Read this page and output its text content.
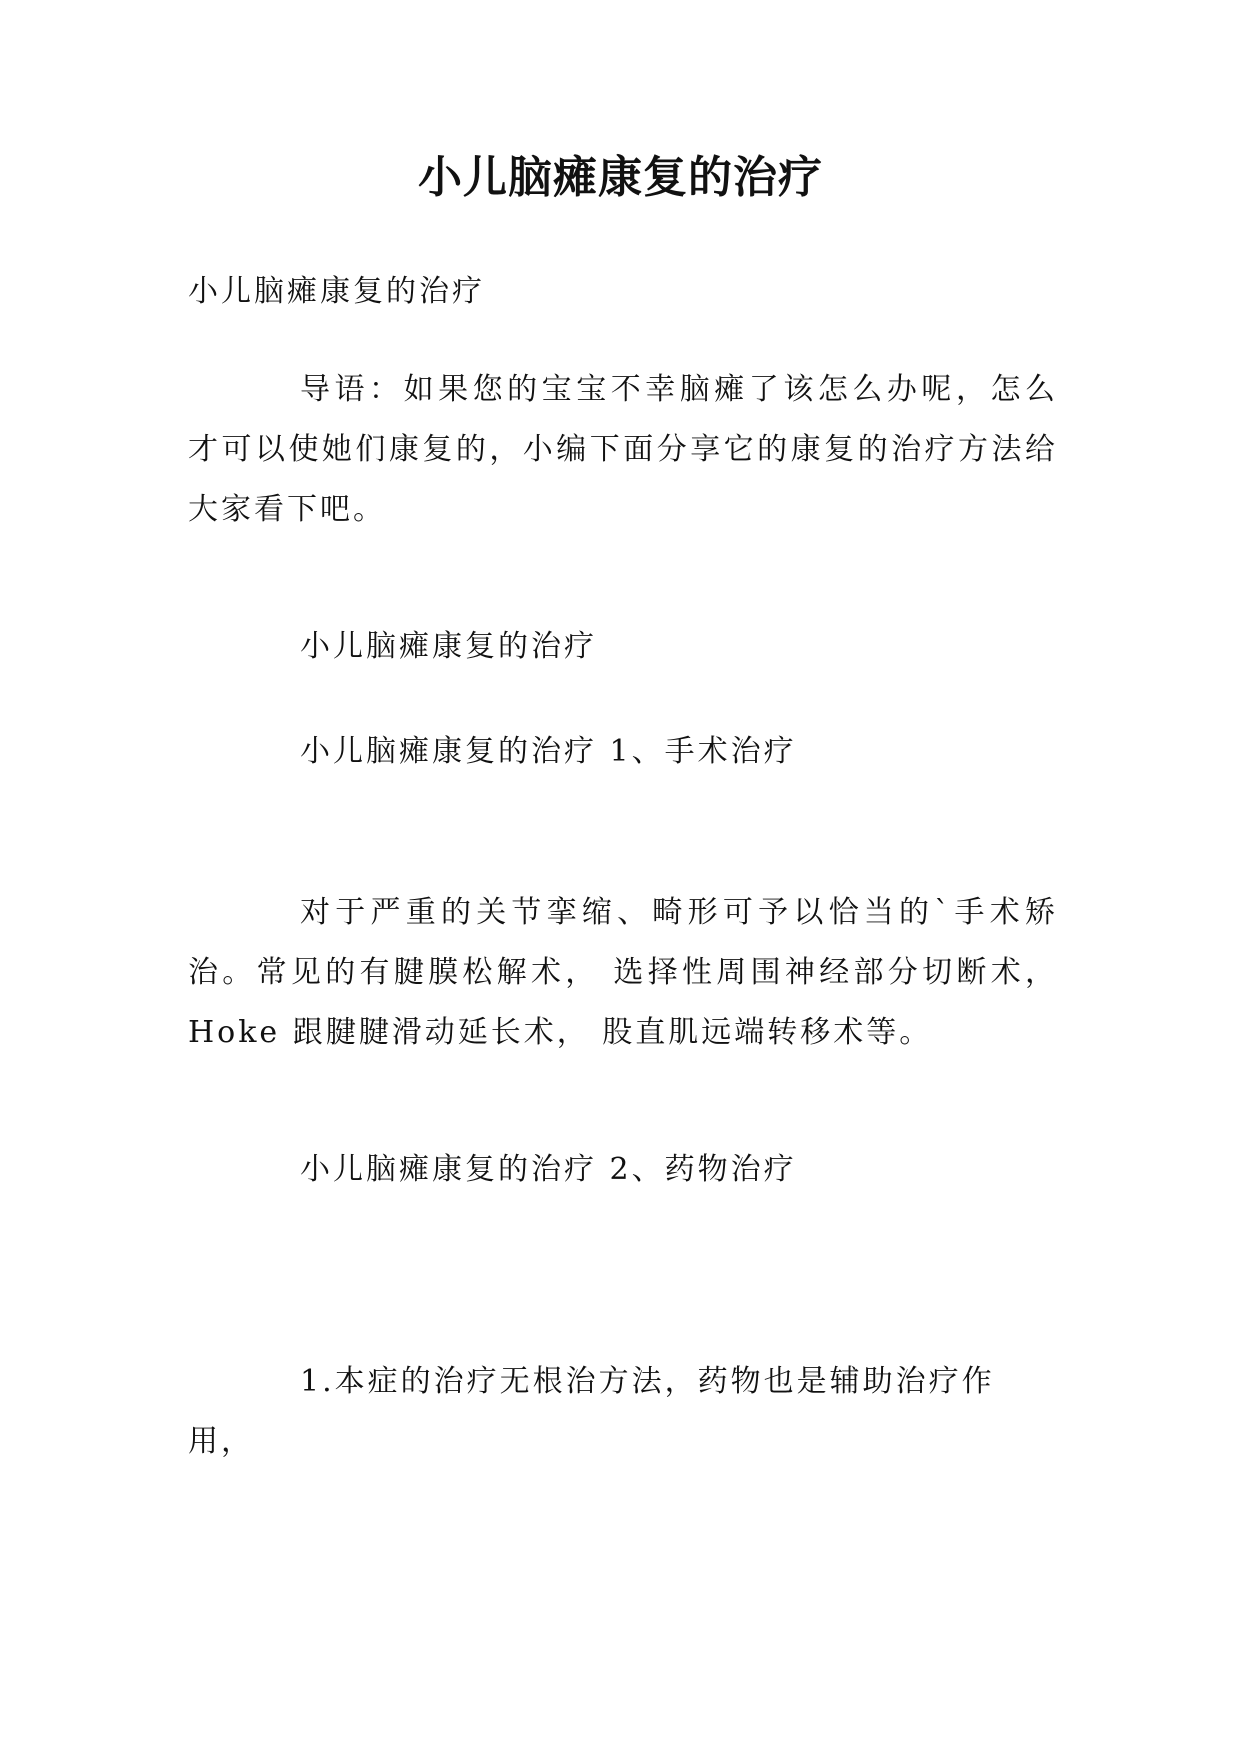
小儿脑瘫康复的治疗

小儿脑瘫康复的治疗

导语：如果您的宝宝不幸脑瘫了该怎么办呢，怎么才可以使她们康复的，小编下面分享它的康复的治疗方法给大家看下吧。

小儿脑瘫康复的治疗

小儿脑瘫康复的治疗 1、手术治疗

对于严重的关节挛缩、畸形可予以恰当的`手术矫治。常见的有腱膜松解术， 选择性周围神经部分切断术，Hoke 跟腱腱滑动延长术， 股直肌远端转移术等。

小儿脑瘫康复的治疗 2、药物治疗

1.本症的治疗无根治方法，药物也是辅助治疗作用，
